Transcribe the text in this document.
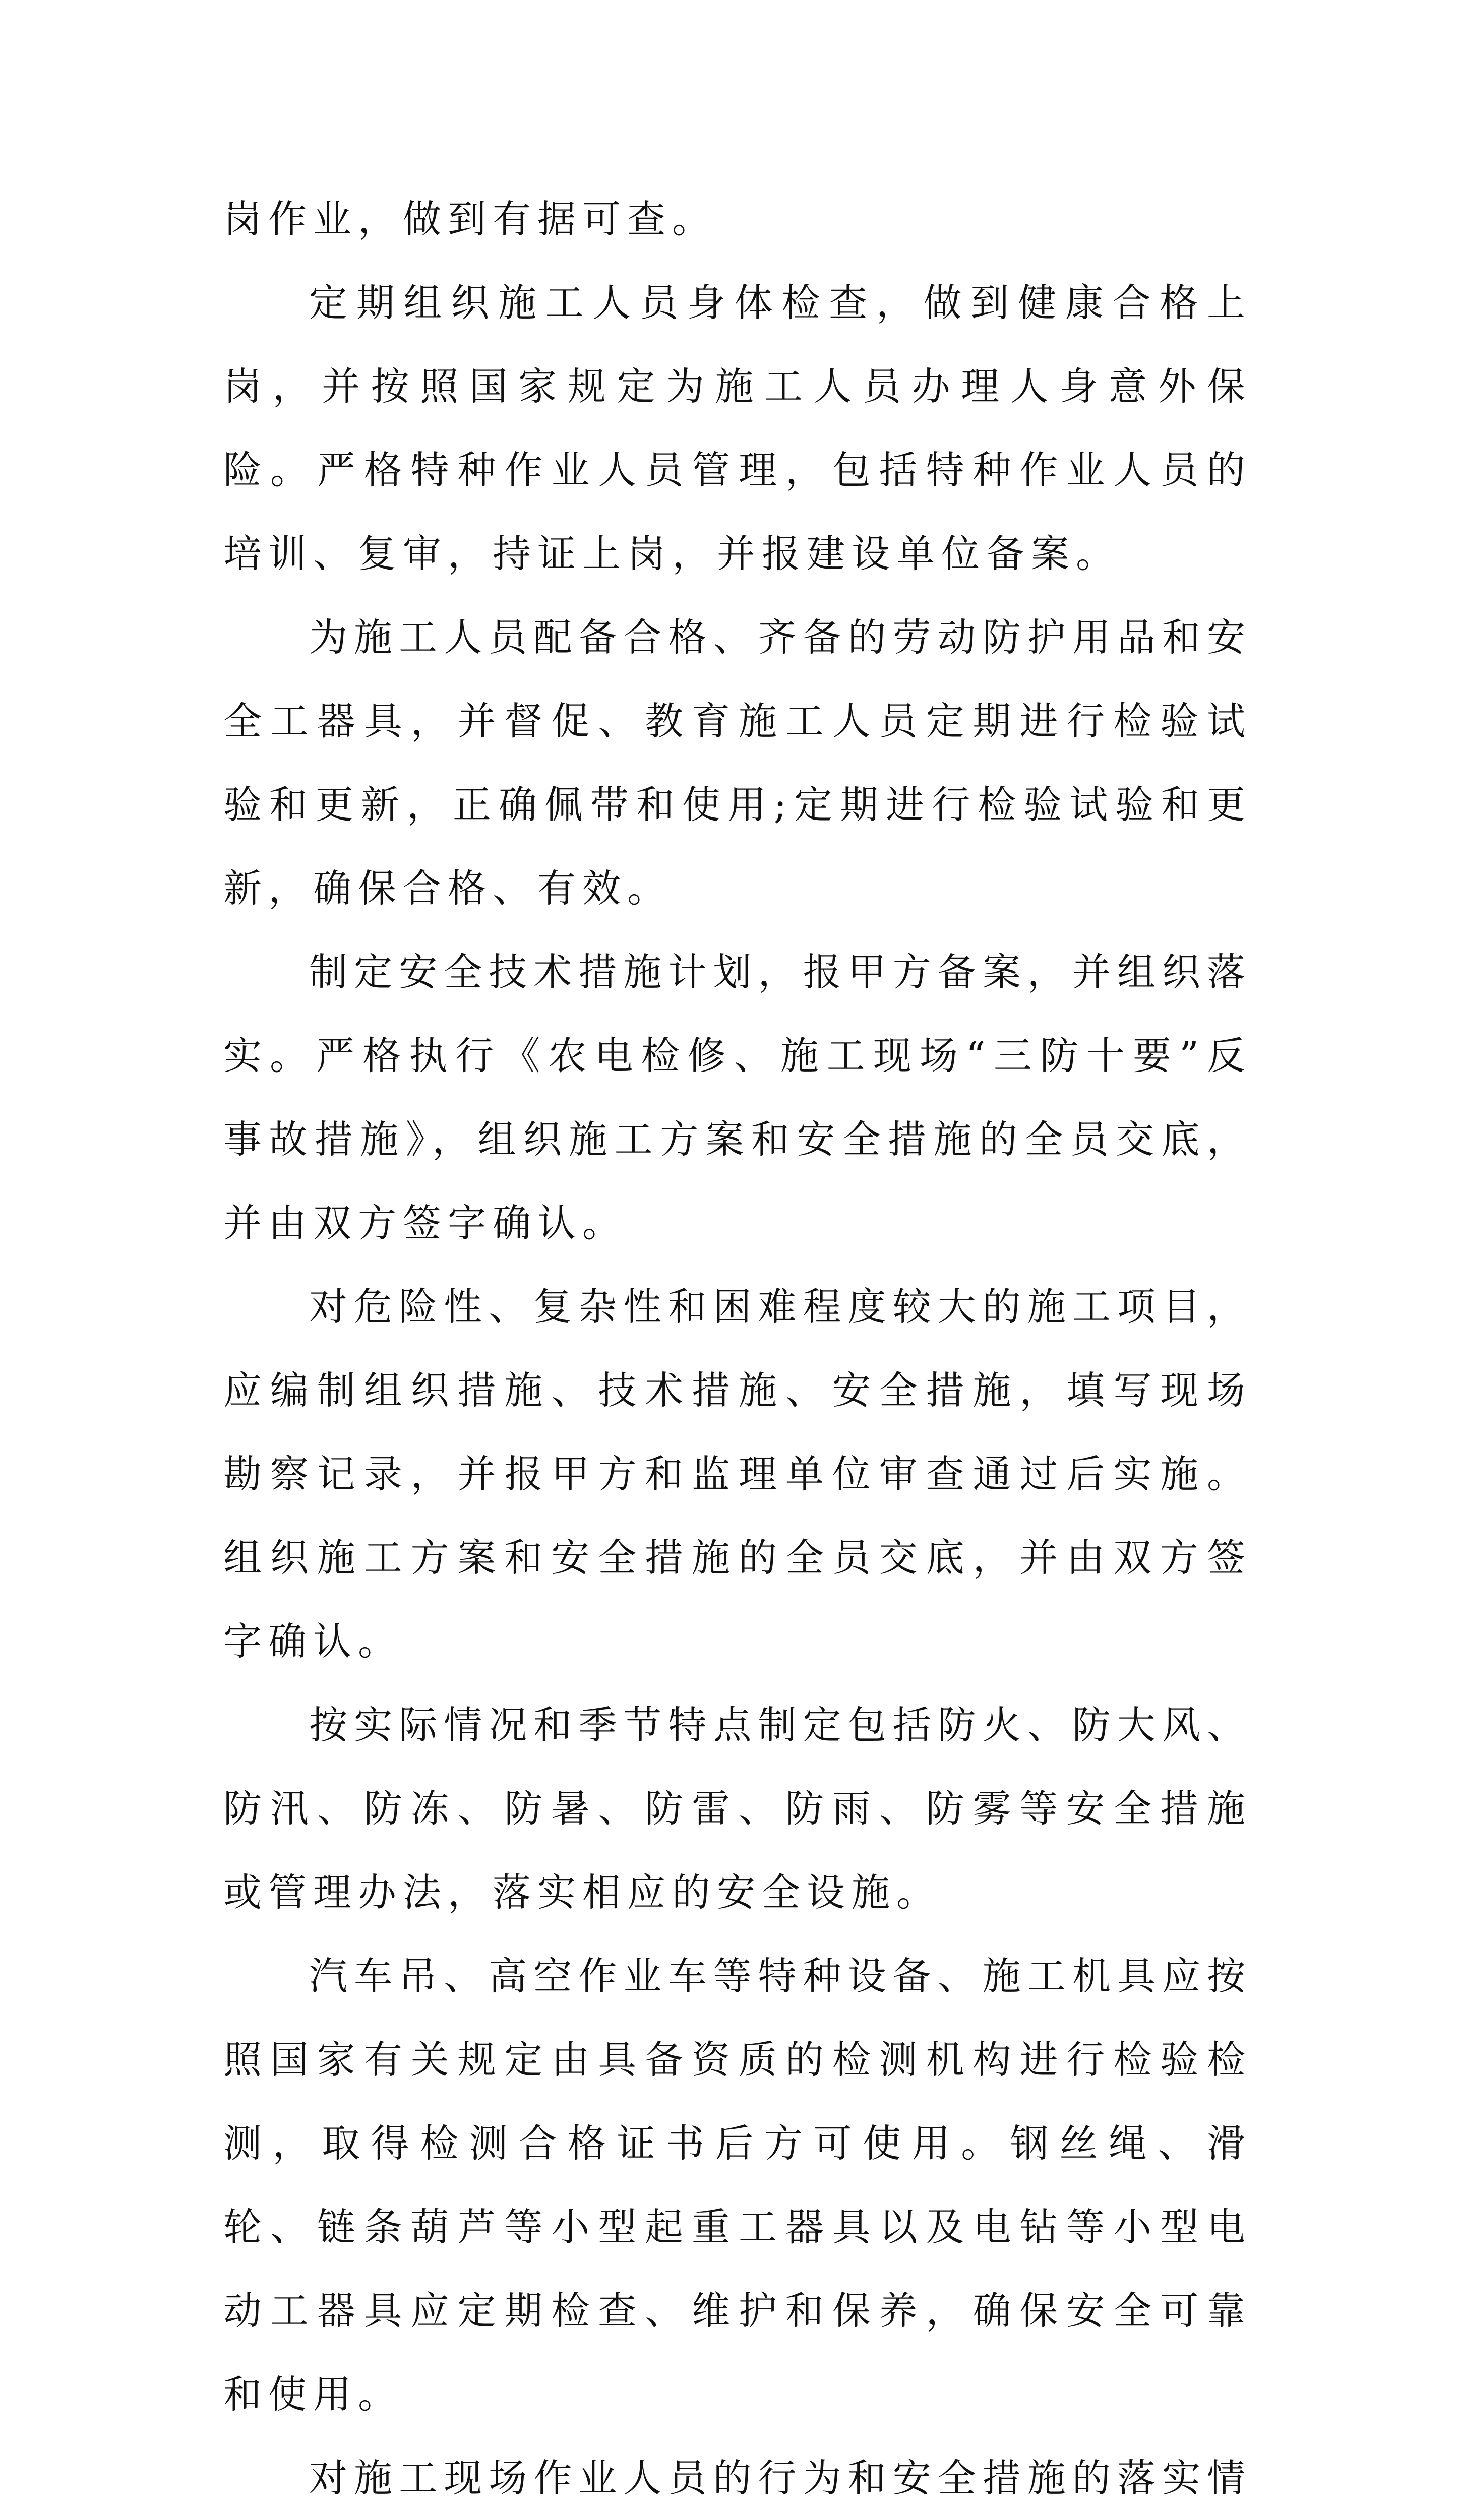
岗作业，做到有据可查。

定期组织施工人员身体检查，做到健康合格上岗，并按照国家规定为施工人员办理人身意外保险。严格特种作业人员管理，包括特种作业人员的培训、复审，持证上岗，并报建设单位备案。

为施工人员配备合格、齐备的劳动防护用品和安全工器具，并督促、教育施工人员定期进行检验试验和更新，正确佩带和使用;定期进行检验试验和更新，确保合格、有效。

制定安全技术措施计划，报甲方备案，并组织落实。严格执行《农电检修、施工现场“三防十要”反事故措施》，组织施工方案和安全措施的全员交底，并由双方签字确认。

对危险性、复杂性和困难程度较大的施工项目，应编制组织措施、技术措施、安全措施，填写现场勘察记录，并报甲方和监理单位审查通过后实施。组织施工方案和安全措施的全员交底，并由双方签字确认。

按实际情况和季节特点制定包括防火、防大风、防汛、防冻、防暑、防雷、防雨、防雾等安全措施或管理办法，落实相应的安全设施。

汽车吊、高空作业车等特种设备、施工机具应按照国家有关规定由具备资质的检测机构进行检验检测，取得检测合格证书后方可使用。钢丝绳、滑轮、链条葫芦等小型起重工器具以及电钻等小型电动工器具应定期检查、维护和保养，确保安全可靠和使用。

对施工现场作业人员的行为和安全措施的落实情
